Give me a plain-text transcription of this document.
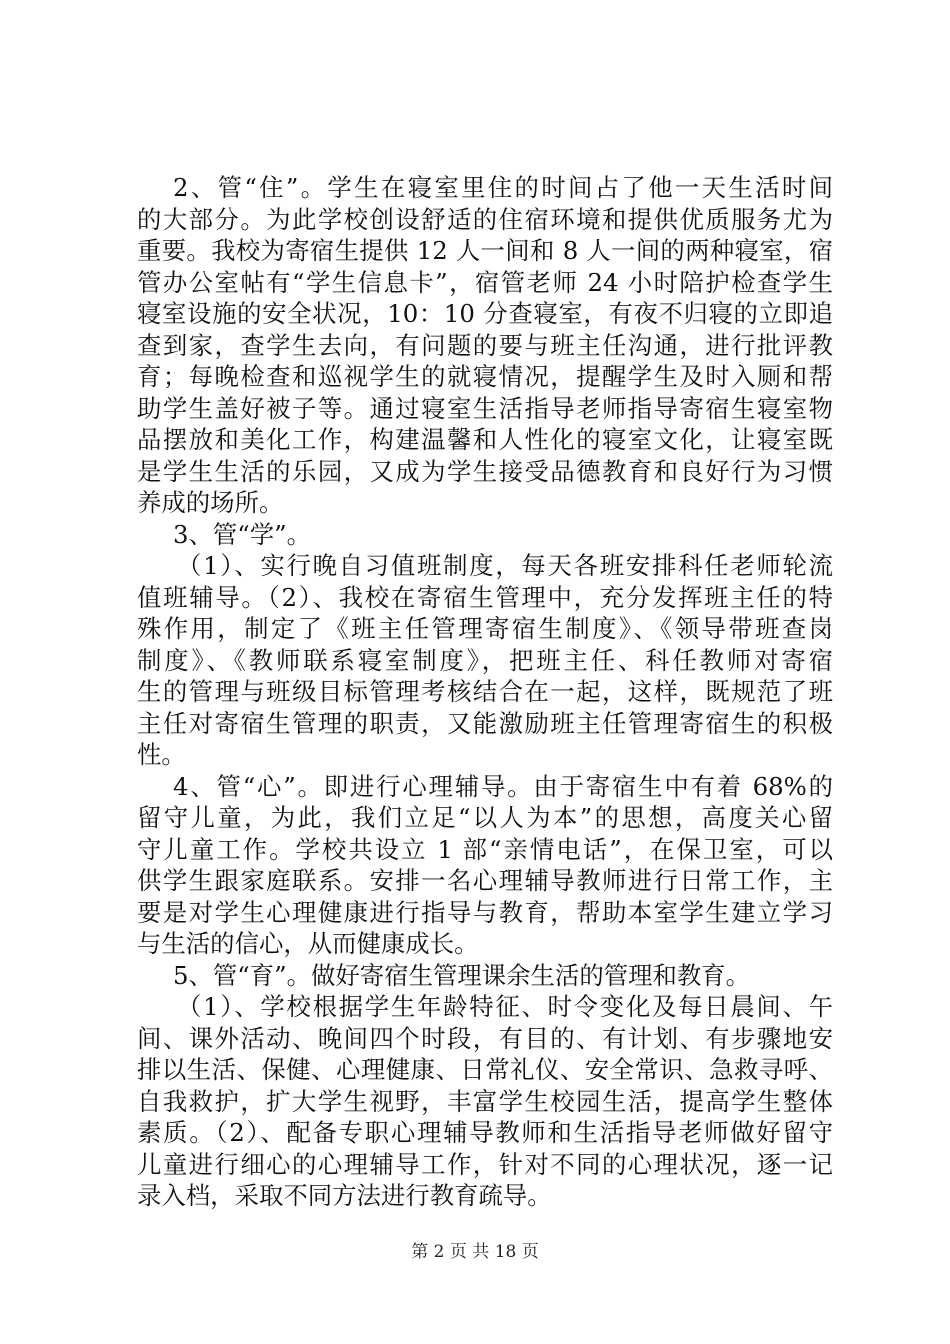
2、管“住”。学生在寝室里住的时间占了他一天生活时间
的大部分。为此学校创设舒适的住宿环境和提供优质服务尤为
重要。我校为寄宿生提供 12 人一间和 8 人一间的两种寝室，宿
管办公室帖有“学生信息卡”，宿管老师 24 小时陪护检查学生
寝室设施的安全状况，10：10 分查寝室，有夜不归寝的立即追
查到家，查学生去向，有问题的要与班主任沟通，进行批评教
育；每晚检查和巡视学生的就寝情况，提醒学生及时入厕和帮
助学生盖好被子等。通过寝室生活指导老师指导寄宿生寝室物
品摆放和美化工作，构建温馨和人性化的寝室文化，让寝室既
是学生生活的乐园，又成为学生接受品德教育和良好行为习惯
养成的场所。
3、管“学”。
（1）、实行晚自习值班制度，每天各班安排科任老师轮流
值班辅导。（2）、我校在寄宿生管理中，充分发挥班主任的特
殊作用，制定了《班主任管理寄宿生制度》、《领导带班查岗
制度》、《教师联系寝室制度》，把班主任、科任教师对寄宿
生的管理与班级目标管理考核结合在一起，这样，既规范了班
主任对寄宿生管理的职责，又能激励班主任管理寄宿生的积极
性。
4、管“心”。即进行心理辅导。由于寄宿生中有着 68%的
留守儿童，为此，我们立足“以人为本”的思想，高度关心留
守儿童工作。学校共设立 1 部“亲情电话”，在保卫室，可以
供学生跟家庭联系。安排一名心理辅导教师进行日常工作，主
要是对学生心理健康进行指导与教育，帮助本室学生建立学习
与生活的信心，从而健康成长。
5、管“育”。做好寄宿生管理课余生活的管理和教育。
（1）、学校根据学生年龄特征、时令变化及每日晨间、午
间、课外活动、晚间四个时段，有目的、有计划、有步骤地安
排以生活、保健、心理健康、日常礼仪、安全常识、急救寻呼、
自我救护，扩大学生视野，丰富学生校园生活，提高学生整体
素质。（2）、配备专职心理辅导教师和生活指导老师做好留守
儿童进行细心的心理辅导工作，针对不同的心理状况，逐一记
录入档，采取不同方法进行教育疏导。
第 2 页 共 18 页
